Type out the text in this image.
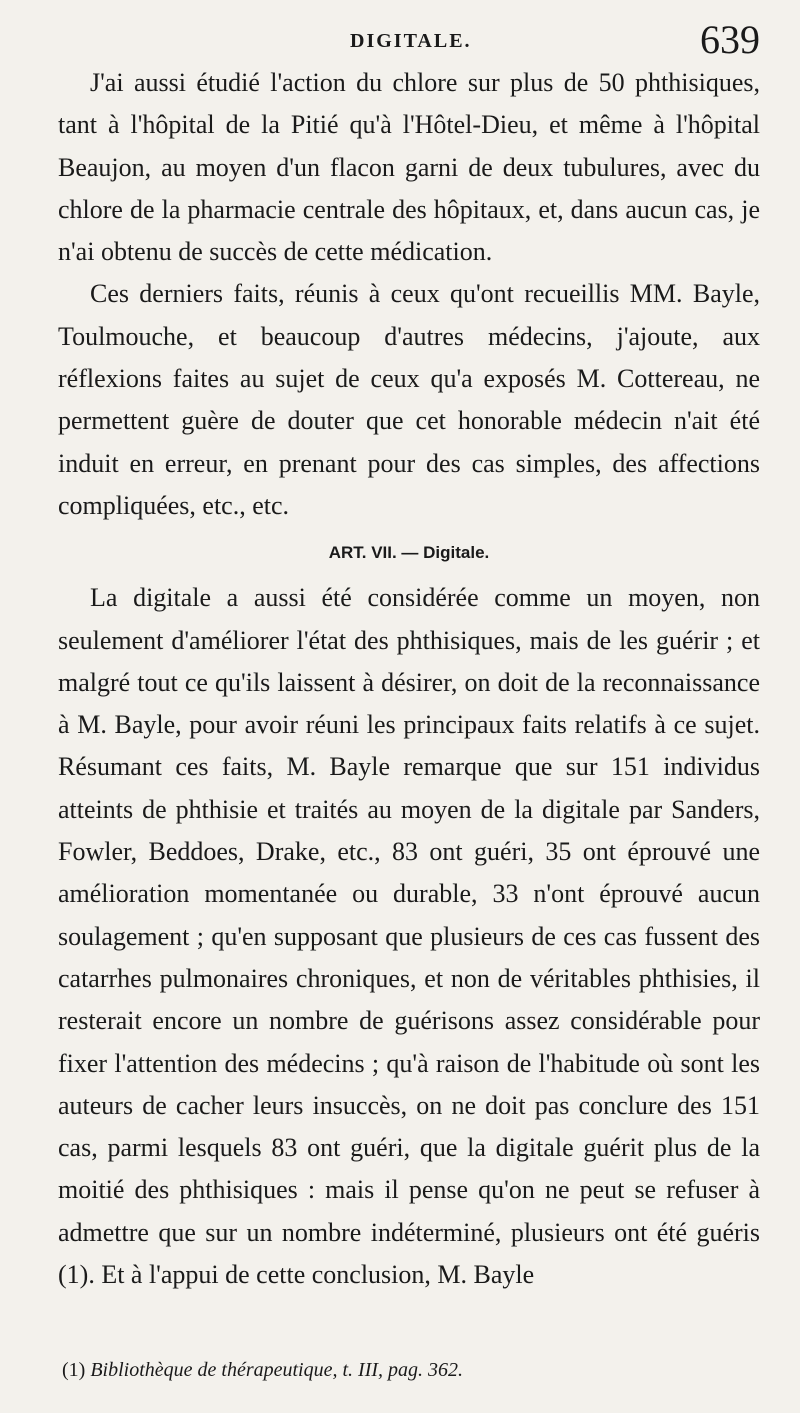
DIGITALE.	639

J'ai aussi étudié l'action du chlore sur plus de 50 phthisiques, tant à l'hôpital de la Pitié qu'à l'Hôtel-Dieu, et même à l'hôpital Beaujon, au moyen d'un flacon garni de deux tubulures, avec du chlore de la pharmacie centrale des hôpitaux, et, dans aucun cas, je n'ai obtenu de succès de cette médication.

Ces derniers faits, réunis à ceux qu'ont recueillis MM. Bayle, Toulmouche, et beaucoup d'autres médecins, j'ajoute, aux réflexions faites au sujet de ceux qu'a exposés M. Cottereau, ne permettent guère de douter que cet honorable médecin n'ait été induit en erreur, en prenant pour des cas simples, des affections compliquées, etc., etc.

ART. VII. — Digitale.

La digitale a aussi été considérée comme un moyen, non seulement d'améliorer l'état des phthisiques, mais de les guérir ; et malgré tout ce qu'ils laissent à désirer, on doit de la reconnaissance à M. Bayle, pour avoir réuni les principaux faits relatifs à ce sujet. Résumant ces faits, M. Bayle remarque que sur 151 individus atteints de phthisie et traités au moyen de la digitale par Sanders, Fowler, Beddoes, Drake, etc., 83 ont guéri, 35 ont éprouvé une amélioration momentanée ou durable, 33 n'ont éprouvé aucun soulagement ; qu'en supposant que plusieurs de ces cas fussent des catarrhes pulmonaires chroniques, et non de véritables phthisies, il resterait encore un nombre de guérisons assez considérable pour fixer l'attention des médecins ; qu'à raison de l'habitude où sont les auteurs de cacher leurs insuccès, on ne doit pas conclure des 151 cas, parmi lesquels 83 ont guéri, que la digitale guérit plus de la moitié des phthisiques : mais il pense qu'on ne peut se refuser à admettre que sur un nombre indéterminé, plusieurs ont été guéris (1). Et à l'appui de cette conclusion, M. Bayle

(1) Bibliothèque de thérapeutique, t. III, pag. 362.
